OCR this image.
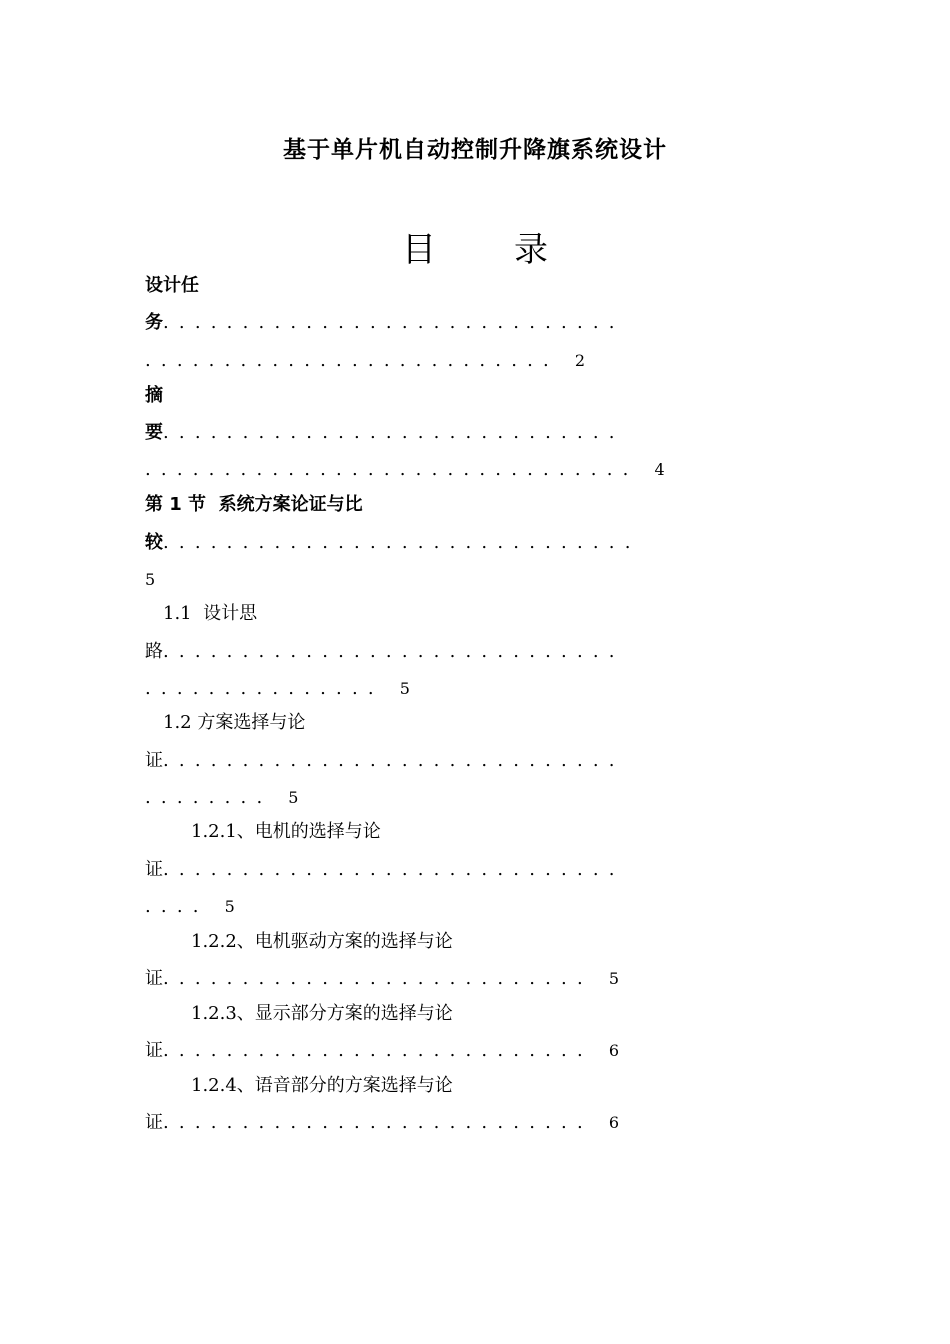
基于单片机自动控制升降旗系统设计
目 录
设计任
务.............................
.......................... 2
摘
要.............................
............................... 4
第 1 节  系统方案论证与比
较..............................
5
1.1  设计思
路.............................
............... 5
1.2 方案选择与论
证.............................
........ 5
1.2.1、电机的选择与论
证.............................
.... 5
1.2.2、电机驱动方案的选择与论
证........................... 5
1.2.3、显示部分方案的选择与论
证........................... 6
1.2.4、语音部分的方案选择与论
证........................... 6
